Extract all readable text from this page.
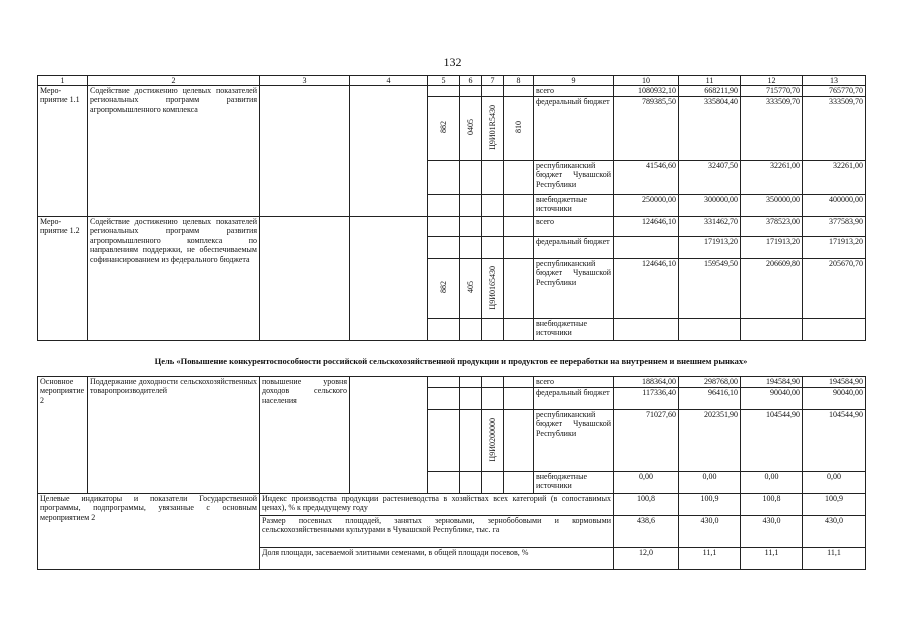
132
1	2	3	4	5	6	7	8	9	10	11	12	13
Меро-приятие 1.1	Содействие достижению целевых показателей региональных программ развития агропромышленного комплекса							всего	1080932,10	668211,90	715770,70	765770,70
				882	0405	Ц9И01R5430	810	федеральный бюджет	789385,50	335804,40	333509,70	333509,70
								республиканский бюджет Чувашской Республики	41546,60	32407,50	32261,00	32261,00
								внебюджетные источники	250000,00	300000,00	350000,00	400000,00
Меро-приятие 1.2	Содействие достижению целевых показателей региональных программ развития агропромышленного комплекса по направлениям поддержки, не обеспечиваемым софинансированием из федерального бюджета							всего	124646,10	331462,70	378523,00	377583,90
								федеральный бюджет		171913,20	171913,20	171913,20
				882	405	Ц9И0165430		республиканский бюджет Чувашской Республики	124646,10	159549,50	206609,80	205670,70
								внебюджетные источники				
Цель «Повышение конкурентоспособности российской сельскохозяйственной продукции и продуктов ее переработки на внутреннем и внешнем рынках»
Основное мероприятие 2	Поддержание доходности сельскохозяйственных товаропроизводителей	повышение уровня доходов сельского населения						всего	188364,00	298768,00	194584,90	194584,90
								федеральный бюджет	117336,40	96416,10	90040,00	90040,00
						Ц9И0200000		республиканский бюджет Чувашской Республики	71027,60	202351,90	104544,90	104544,90
								внебюджетные источники	0,00	0,00	0,00	0,00
Целевые индикаторы и показатели Государственной программы, подпрограммы, увязанные с основным мероприятием 2		Индекс производства продукции растениеводства в хозяйствах всех категорий (в сопоставимых ценах), % к предыдущему году							100,8	100,9	100,8	100,9
		Размер посевных площадей, занятых зерновыми, зернобобовыми и кормовыми сельскохозяйственными культурами в Чувашской Республике, тыс. га							438,6	430,0	430,0	430,0
		Доля площади, засеваемой элитными семенами, в общей площади посевов, %							12,0	11,1	11,1	11,1
